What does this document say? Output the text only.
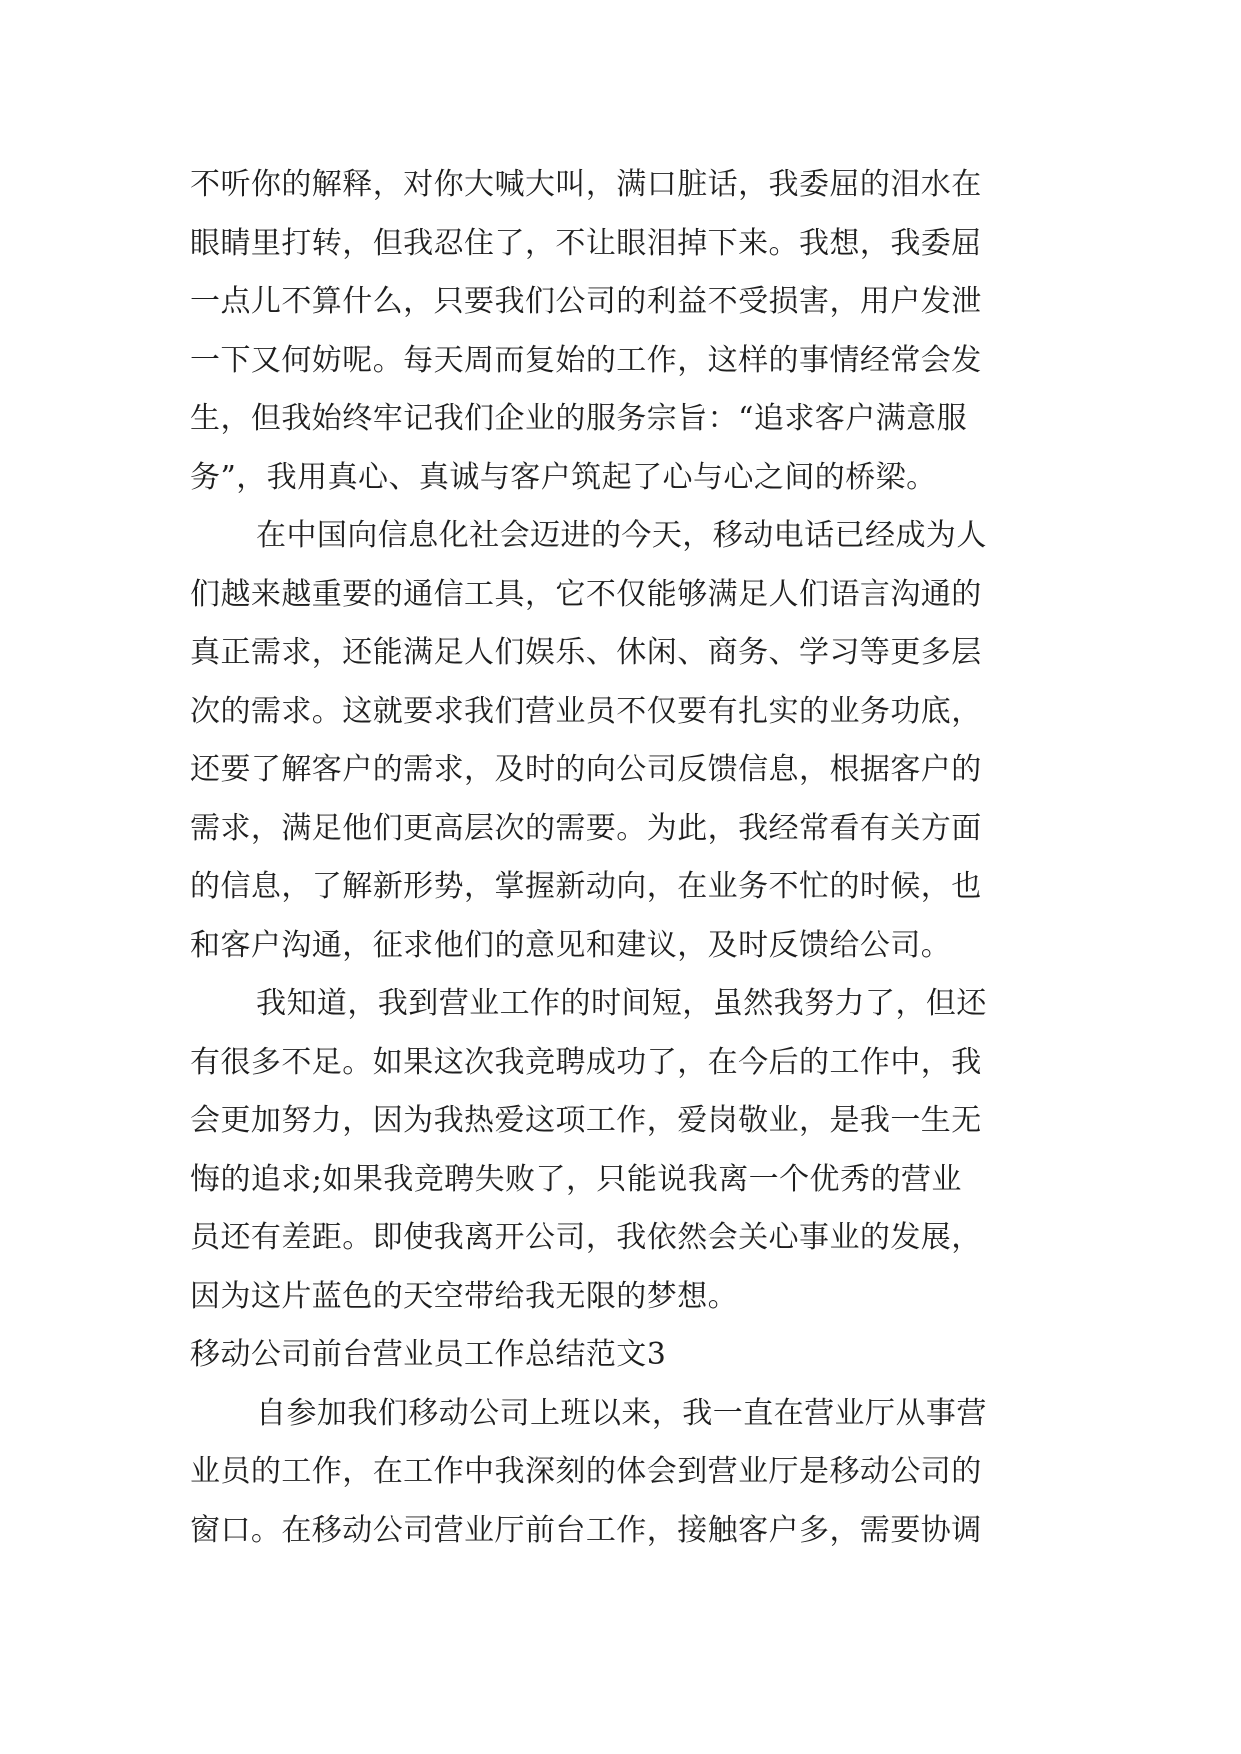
不听你的解释，对你大喊大叫，满口脏话，我委屈的泪水在
眼睛里打转，但我忍住了，不让眼泪掉下来。我想，我委屈
一点儿不算什么，只要我们公司的利益不受损害，用户发泄
一下又何妨呢。每天周而复始的工作，这样的事情经常会发
生，但我始终牢记我们企业的服务宗旨：“追求客户满意服
务”，我用真心、真诚与客户筑起了心与心之间的桥梁。
在中国向信息化社会迈进的今天，移动电话已经成为人
们越来越重要的通信工具，它不仅能够满足人们语言沟通的
真正需求，还能满足人们娱乐、休闲、商务、学习等更多层
次的需求。这就要求我们营业员不仅要有扎实的业务功底，
还要了解客户的需求，及时的向公司反馈信息，根据客户的
需求，满足他们更高层次的需要。为此，我经常看有关方面
的信息，了解新形势，掌握新动向，在业务不忙的时候，也
和客户沟通，征求他们的意见和建议，及时反馈给公司。
我知道，我到营业工作的时间短，虽然我努力了，但还
有很多不足。如果这次我竞聘成功了，在今后的工作中，我
会更加努力，因为我热爱这项工作，爱岗敬业，是我一生无
悔的追求;如果我竞聘失败了，只能说我离一个优秀的营业
员还有差距。即使我离开公司，我依然会关心事业的发展，
因为这片蓝色的天空带给我无限的梦想。
移动公司前台营业员工作总结范文3
自参加我们移动公司上班以来，我一直在营业厅从事营
业员的工作，在工作中我深刻的体会到营业厅是移动公司的
窗口。在移动公司营业厅前台工作，接触客户多，需要协调
